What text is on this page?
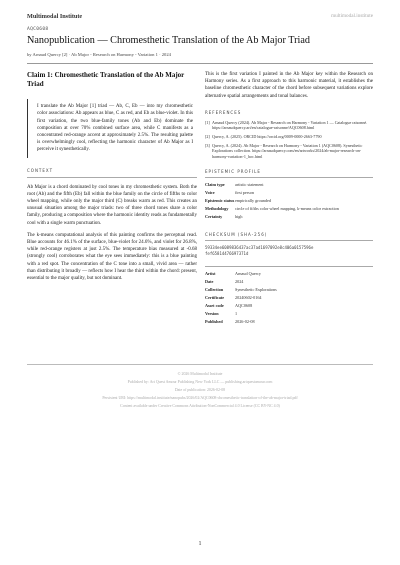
Multimodal Institute	multimodal.institute
AQC0608
Nanopublication — Chromesthetic Translation of the Ab Major Triad
by Arnaud Quercy [2] · Ab Major - Research on Harmony - Variation 1 · 2024
Claim 1: Chromesthetic Translation of the Ab Major Triad
I translate the Ab Major [1] triad — Ab, C, Eb — into my chromesthetic color associations: Ab appears as blue, C as red, and Eb as blue-violet. In this first variation, the two blue-family tones (Ab and Eb) dominate the composition at over 70% combined surface area, while C manifests as a concentrated red-orange accent at approximately 2.5%. The resulting palette is overwhelmingly cool, reflecting the harmonic character of Ab Major as I perceive it synesthetically.
CONTEXT

Ab Major is a chord dominated by cool tones in my chromesthetic system. Both the root (Ab) and the fifth (Eb) fall within the blue family on the circle of fifths to color wheel mapping, while only the major third (C) breaks warm as red. This creates an unusual situation among the major triads: two of three chord tones share a color family, producing a composition where the harmonic identity reads as fundamentally cool with a single warm punctuation.

The k-means computational analysis of this painting confirms the perceptual read. Blue accounts for 46.1% of the surface, blue-violet for 24.6%, and violet for 26.8%, while red-orange registers at just 2.5%. The temperature bias measured at -0.68 (strongly cool) corroborates what the eye sees immediately: this is a blue painting with a red spot. The concentration of the C tone into a small, vivid area — rather than distributing it broadly — reflects how I hear the third within the chord: present, essential to the major quality, but not dominant.

This is the first variation I painted in the Ab Major key within the Research on Harmony series. As a first approach to this harmonic material, it establishes the baseline chromesthetic character of the chord before subsequent variations explore alternative spatial arrangements and tonal balances.

REFERENCES
[1] Arnaud Quercy (2024). Ab Major - Research on Harmony - Variation 1 — Catalogue raisonné. https://arnaudquercy.art/en/catalogue-raisonne/AQC0608.html
[2] Quercy, A. (2025). ORCID https://orcid.org/0009-0000-2663-7790
[3] Quercy, A. (2024). Ab Major - Research on Harmony - Variation 1 (AQC0608). Synesthetic Explorations collection. https://arnaudquercy.com/en/artworks/2024/ab-major-research-on-harmony-variation-1_hoc.html
EPISTEMIC PROFILE
Claim type	artistic statement
Voice	first person
Epistemic status	empirically grounded
Methodology	circle of fifths color wheel mapping, k-means color extraction
Certainty	high
CHECKSUM (SHA-256)
59334ee6089836437ac37ad1697092e8c406a0157596efef65814476697371d
Artist	Arnaud Quercy
Date	2024
Collection	Synesthetic Explorations
Certificate	20240602-0164
Asset code	AQC0608
Version	1
Published	2026-02-08
© 2026 Multimodal Institute
Published by: Art Quest Amour Publishing New York LLC — publishing.artquestamour.com
Date of publication: 2026-02-08
Persistent URI: https://multimodal.institute/nanopubs/2026/02/AQC0608-chromesthetic-translation-of-the-ab-major-triad.pdf
Content available under Creative Commons Attribution-NonCommercial 4.0 License (CC BY-NC 4.0)
1
